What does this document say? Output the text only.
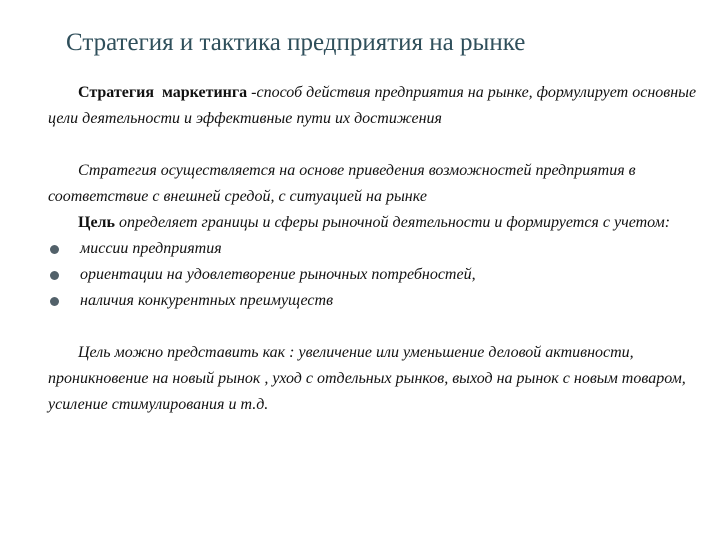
Стратегия и тактика предприятия на рынке

Стратегия маркетинга -способ действия предприятия на рынке, формулирует основные цели деятельности и эффективные пути их достижения

Стратегия осуществляется на основе приведения возможностей предприятия в соответствие с внешней средой, с ситуацией на рынке

Цель определяет границы и сферы рыночной деятельности и формируется с учетом:

миссии предприятия
ориентации на удовлетворение рыночных потребностей,
наличия конкурентных преимуществ

Цель можно представить как : увеличение или уменьшение деловой активности, проникновение на новый рынок , уход с отдельных рынков, выход на рынок с новым товаром, усиление стимулирования и т.д.
